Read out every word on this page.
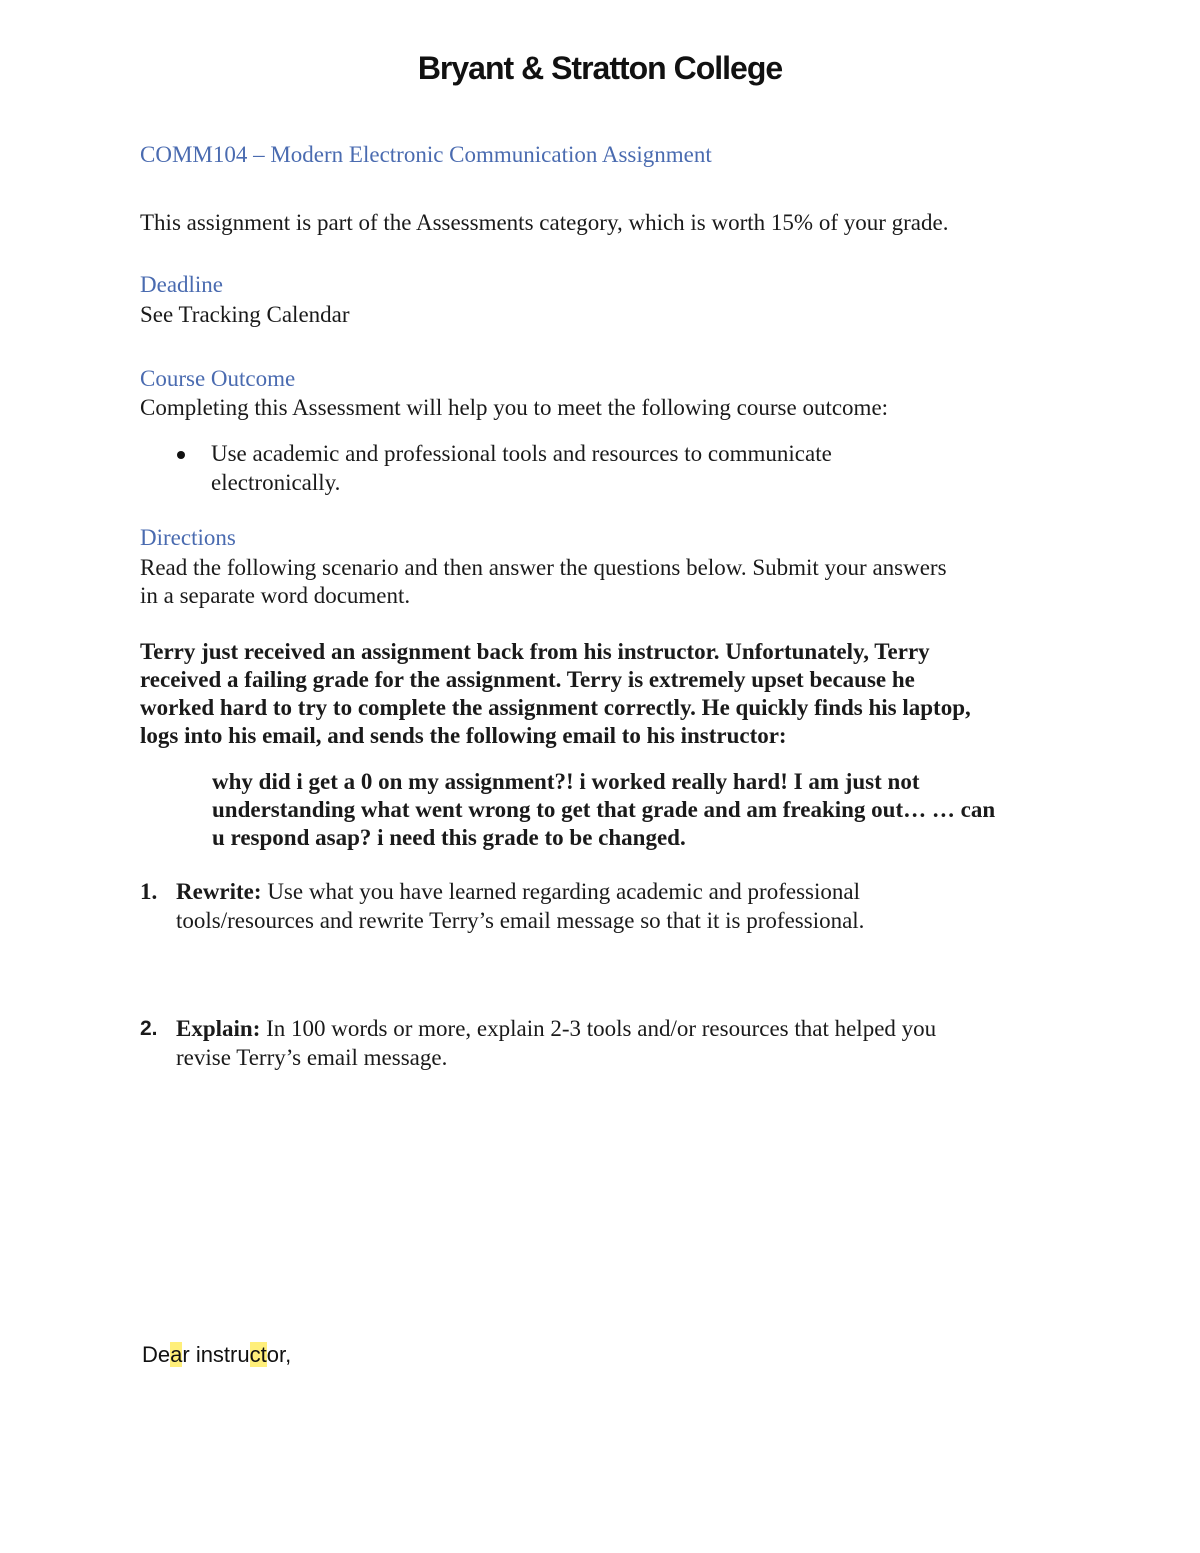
Bryant & Stratton College
COMM104 – Modern Electronic Communication Assignment
This assignment is part of the Assessments category, which is worth 15% of your grade.
Deadline
See Tracking Calendar
Course Outcome
Completing this Assessment will help you to meet the following course outcome:
Use academic and professional tools and resources to communicate
electronically.
Directions
Read the following scenario and then answer the questions below. Submit your answers
in a separate word document.
Terry just received an assignment back from his instructor. Unfortunately, Terry
received a failing grade for the assignment. Terry is extremely upset because he
worked hard to try to complete the assignment correctly. He quickly finds his laptop,
logs into his email, and sends the following email to his instructor:
why did i get a 0 on my assignment?! i worked really hard! I am just not
understanding what went wrong to get that grade and am freaking out… … can
u respond asap? i need this grade to be changed.
1. Rewrite: Use what you have learned regarding academic and professional
tools/resources and rewrite Terry’s email message so that it is professional.
2. Explain: In 100 words or more, explain 2-3 tools and/or resources that helped you
revise Terry’s email message.
Dear instructor,
